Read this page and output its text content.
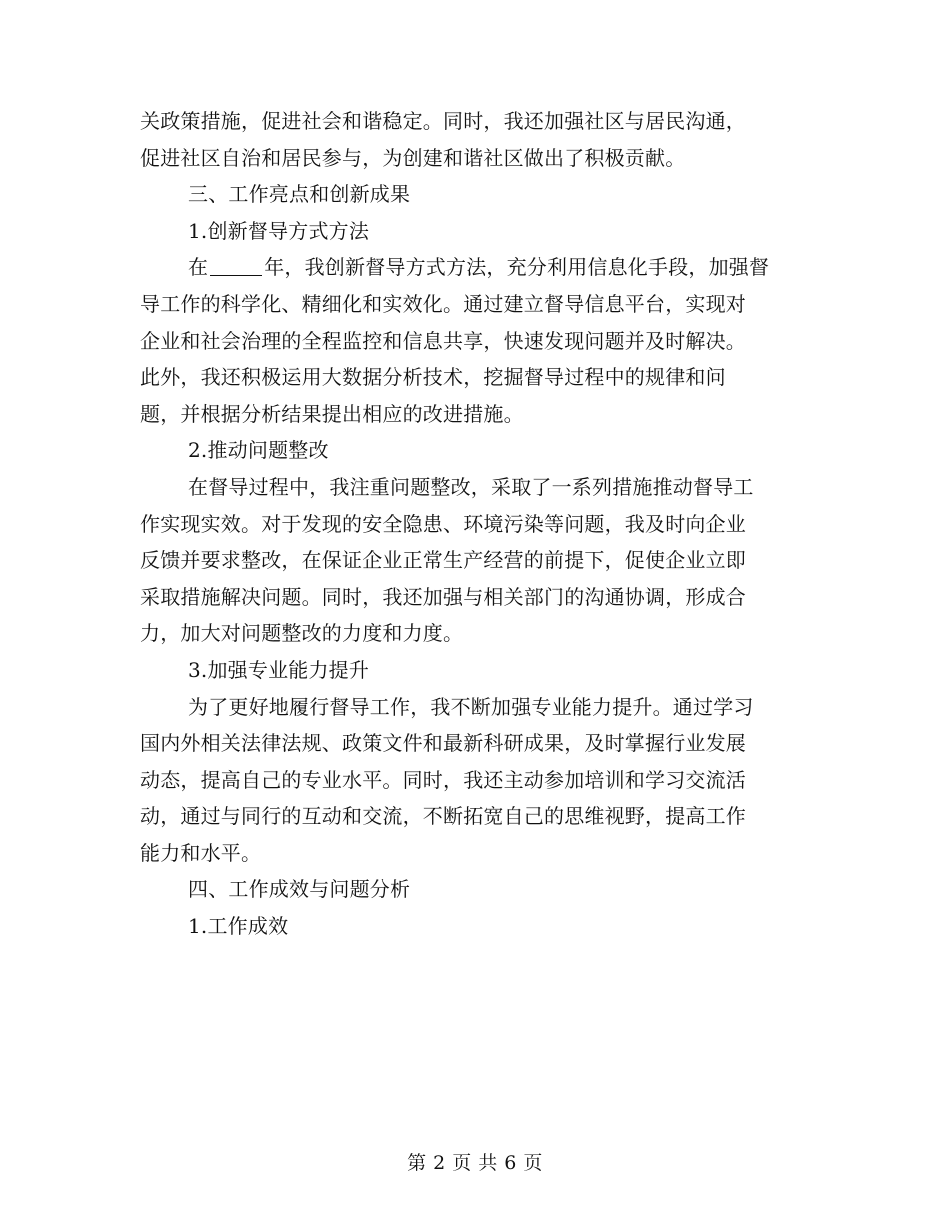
关政策措施，促进社会和谐稳定。同时，我还加强社区与居民沟通，
促进社区自治和居民参与，为创建和谐社区做出了积极贡献。
三、工作亮点和创新成果
1.创新督导方式方法
在	年，我创新督导方式方法，充分利用信息化手段，加强督
导工作的科学化、精细化和实效化。通过建立督导信息平台，实现对
企业和社会治理的全程监控和信息共享，快速发现问题并及时解决。
此外，我还积极运用大数据分析技术，挖掘督导过程中的规律和问
题，并根据分析结果提出相应的改进措施。
2.推动问题整改
在督导过程中，我注重问题整改，采取了一系列措施推动督导工
作实现实效。对于发现的安全隐患、环境污染等问题，我及时向企业
反馈并要求整改，在保证企业正常生产经营的前提下，促使企业立即
采取措施解决问题。同时，我还加强与相关部门的沟通协调，形成合
力，加大对问题整改的力度和力度。
3.加强专业能力提升
为了更好地履行督导工作，我不断加强专业能力提升。通过学习
国内外相关法律法规、政策文件和最新科研成果，及时掌握行业发展
动态，提高自己的专业水平。同时，我还主动参加培训和学习交流活
动，通过与同行的互动和交流，不断拓宽自己的思维视野，提高工作
能力和水平。
四、工作成效与问题分析
1.工作成效
第 2 页 共 6 页
